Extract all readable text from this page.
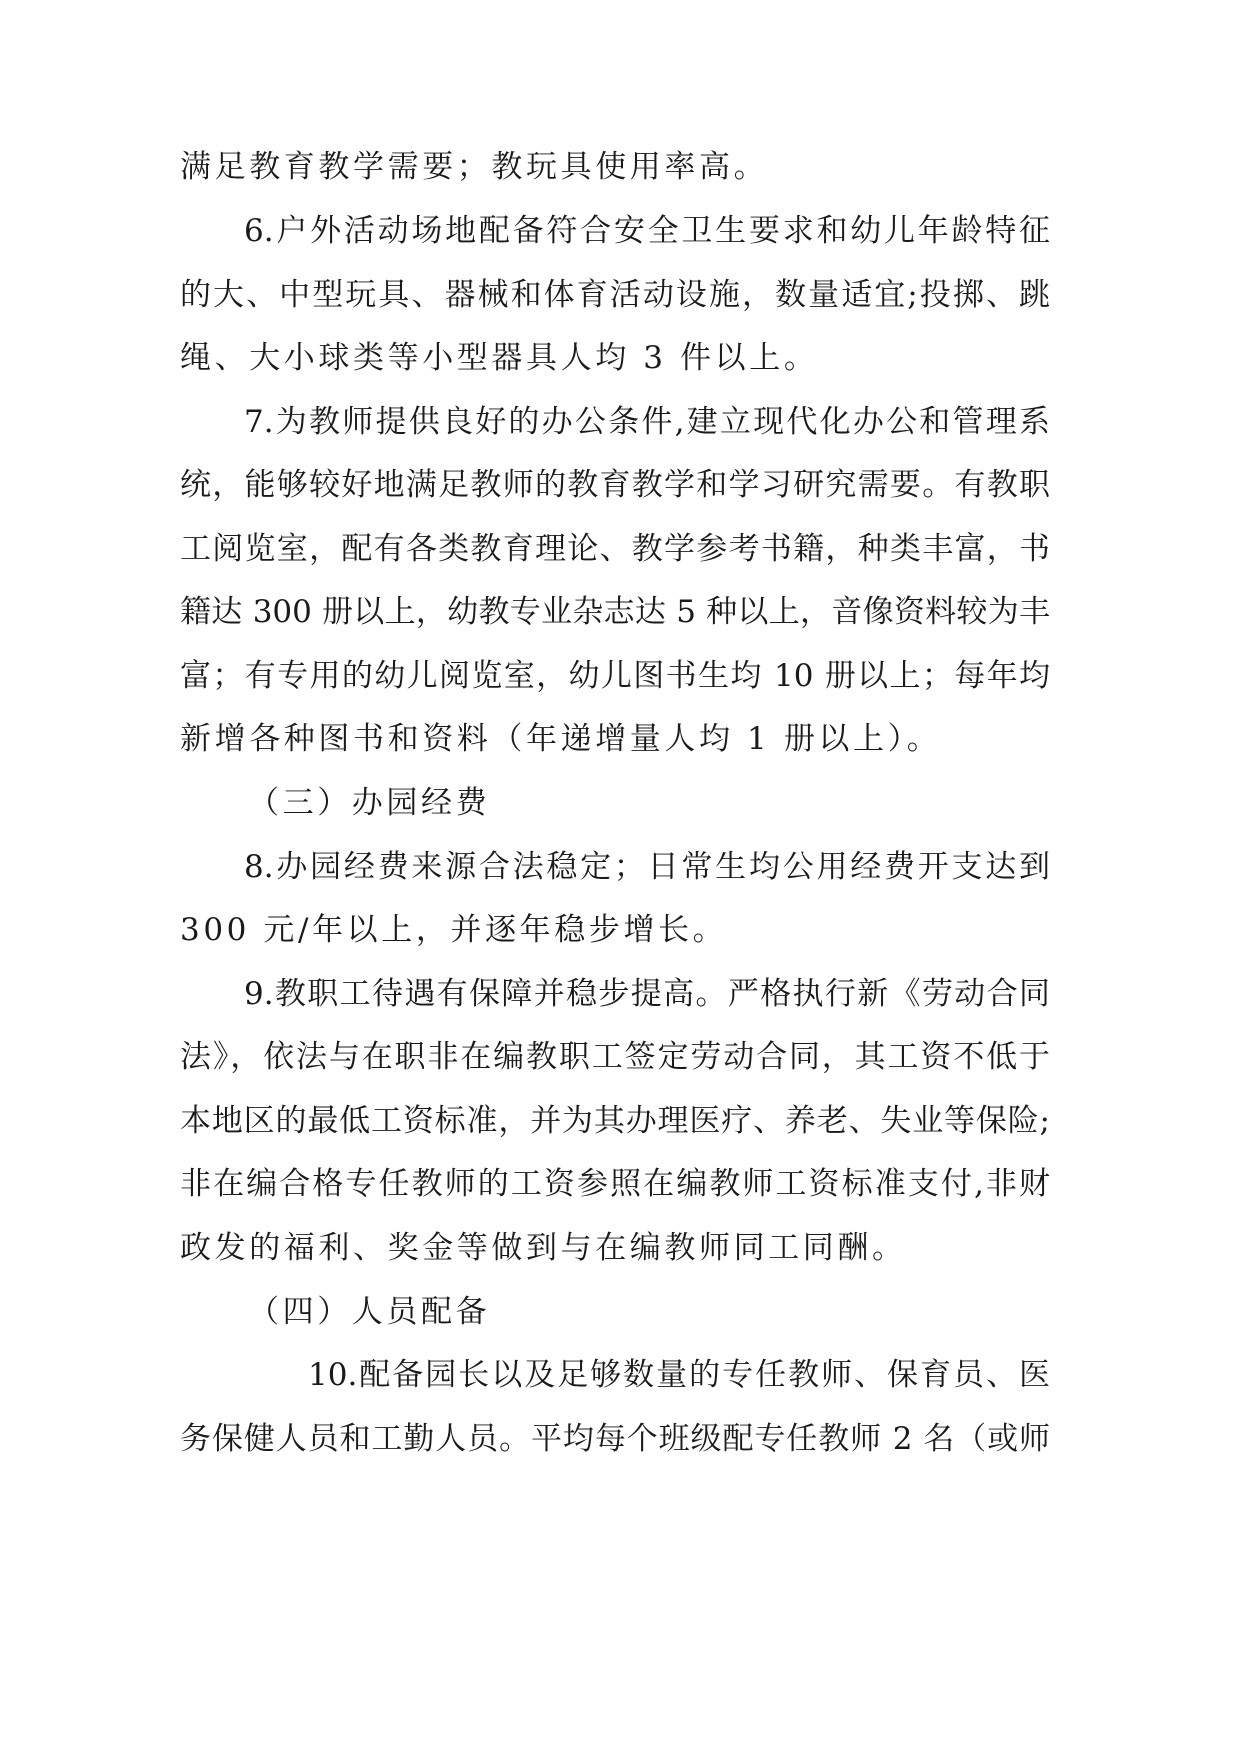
满足教育教学需要；教玩具使用率高。
6.户外活动场地配备符合安全卫生要求和幼儿年龄特征
的大、中型玩具、器械和体育活动设施，数量适宜;投掷、跳
绳、大小球类等小型器具人均 3 件以上。
7.为教师提供良好的办公条件,建立现代化办公和管理系
统，能够较好地满足教师的教育教学和学习研究需要。有教职
工阅览室，配有各类教育理论、教学参考书籍，种类丰富，书
籍达 300 册以上，幼教专业杂志达 5 种以上，音像资料较为丰
富；有专用的幼儿阅览室，幼儿图书生均 10 册以上；每年均
新增各种图书和资料（年递增量人均 1 册以上）。
（三）办园经费
8.办园经费来源合法稳定；日常生均公用经费开支达到
300 元/年以上，并逐年稳步增长。
9.教职工待遇有保障并稳步提高。严格执行新《劳动合同
法》，依法与在职非在编教职工签定劳动合同，其工资不低于
本地区的最低工资标准，并为其办理医疗、养老、失业等保险;
非在编合格专任教师的工资参照在编教师工资标准支付,非财
政发的福利、奖金等做到与在编教师同工同酬。
（四）人员配备
10.配备园长以及足够数量的专任教师、保育员、医
务保健人员和工勤人员。平均每个班级配专任教师 2 名（或师
